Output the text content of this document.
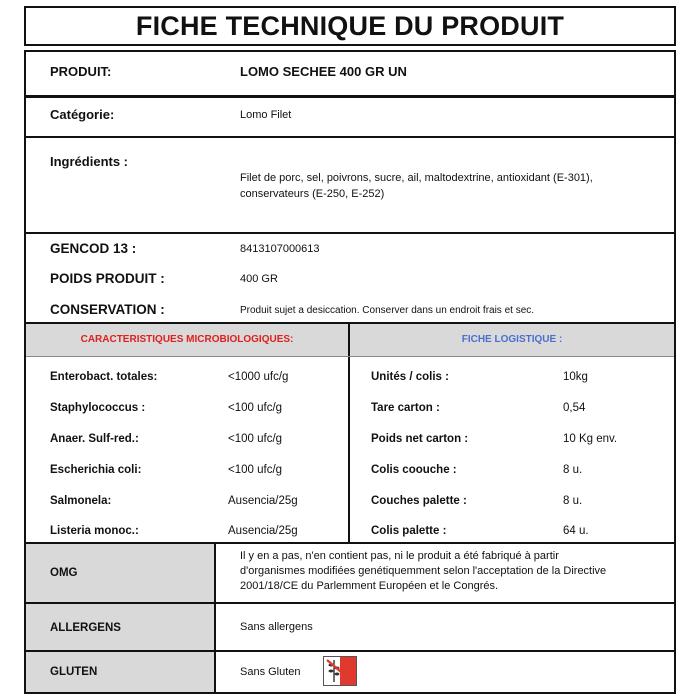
FICHE TECHNIQUE DU PRODUIT
PRODUIT:	LOMO SECHEE 400 GR UN
Catégorie:	Lomo Filet
Ingrédients :
Filet de porc, sel, poivrons, sucre, ail, maltodextrine, antioxidant (E-301),
conservateurs (E-250, E-252)
GENCOD 13 :	8413107000613
POIDS PRODUIT :	400 GR
CONSERVATION :	Produit sujet a desiccation. Conserver dans un endroit frais et sec.
CARACTERISTIQUES MICROBIOLOGIQUES:	FICHE LOGISTIQUE :
Enterobact. totales:	<1000 ufc/g
Staphylococcus :	<100 ufc/g
Anaer. Sulf-red.:	<100 ufc/g
Escherichia coli:	<100 ufc/g
Salmonela:	Ausencia/25g
Listeria monoc.:	Ausencia/25g
Unités / colis :	10kg
Tare carton :	0,54
Poids net carton :	10 Kg env.
Colis coouche :	8 u.
Couches palette :	8 u.
Colis palette :	64 u.
OMG
Il y en a pas, n'en contient pas, ni le produit a été fabriqué à partir
d'organismes modifiées genétiquemment selon l'acceptation de la Directive
2001/18/CE du Parlemment Européen et le Congrés.
ALLERGENS	Sans allergens
GLUTEN	Sans Gluten
